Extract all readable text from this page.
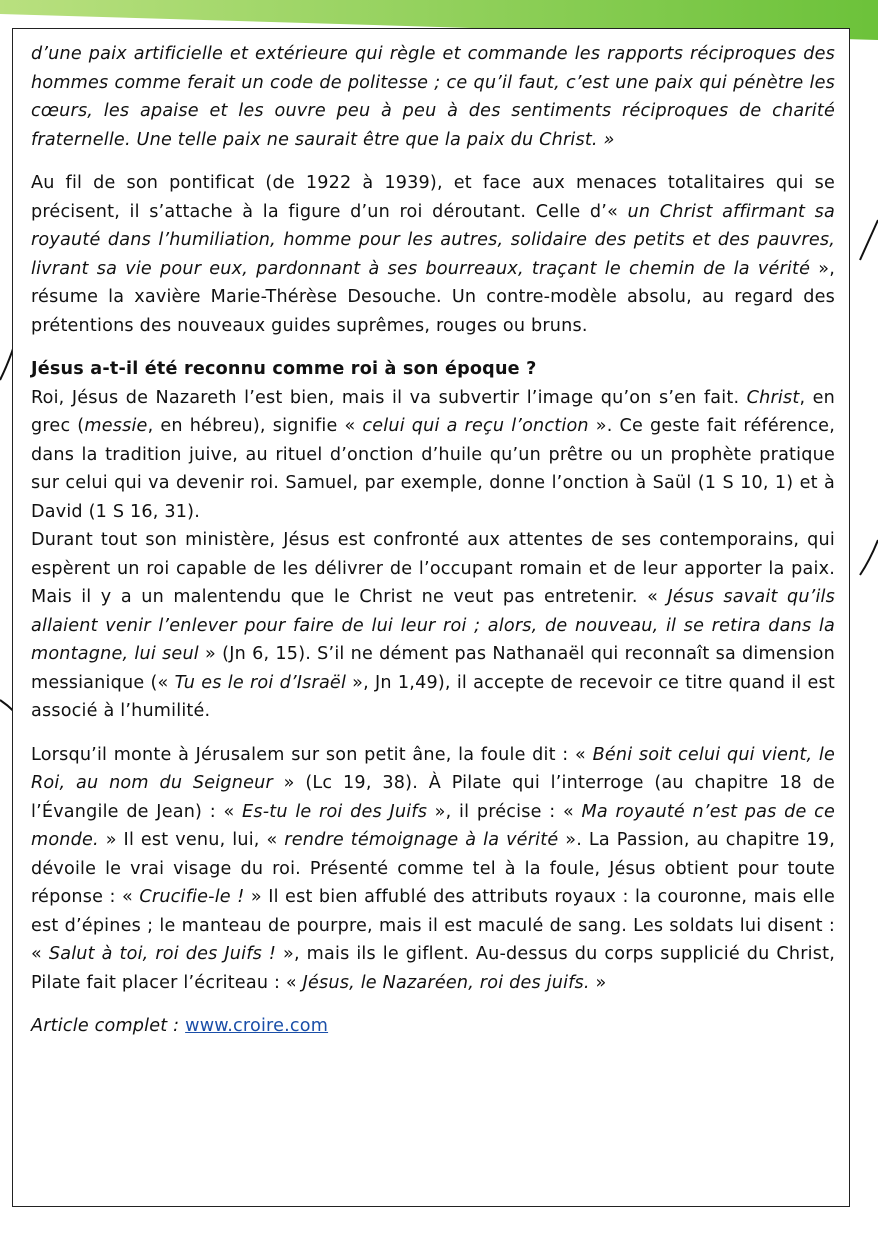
d’une paix artificielle et extérieure qui règle et commande les rapports réciproques des hommes comme ferait un code de politesse ; ce qu’il faut, c’est une paix qui pénètre les cœurs, les apaise et les ouvre peu à peu à des sentiments réciproques de charité fraternelle. Une telle paix ne saurait être que la paix du Christ. »

Au fil de son pontificat (de 1922 à 1939), et face aux menaces totalitaires qui se précisent, il s’attache à la figure d’un roi déroutant. Celle d’« un Christ affirmant sa royauté dans l’humiliation, homme pour les autres, solidaire des petits et des pauvres, livrant sa vie pour eux, pardonnant à ses bourreaux, traçant le chemin de la vérité », résume la xavière Marie-Thérèse Desouche. Un contre-modèle absolu, au regard des prétentions des nouveaux guides suprêmes, rouges ou bruns.

Jésus a-t-il été reconnu comme roi à son époque ?

Roi, Jésus de Nazareth l’est bien, mais il va subvertir l’image qu’on s’en fait. Christ, en grec (messie, en hébreu), signifie « celui qui a reçu l’onction ». Ce geste fait référence, dans la tradition juive, au rituel d’onction d’huile qu’un prêtre ou un prophète pratique sur celui qui va devenir roi. Samuel, par exemple, donne l’onction à Saül (1 S 10, 1) et à David (1 S 16, 31).

Durant tout son ministère, Jésus est confronté aux attentes de ses contemporains, qui espèrent un roi capable de les délivrer de l’occupant romain et de leur apporter la paix. Mais il y a un malentendu que le Christ ne veut pas entretenir. « Jésus savait qu’ils allaient venir l’enlever pour faire de lui leur roi ; alors, de nouveau, il se retira dans la montagne, lui seul » (Jn 6, 15). S’il ne dément pas Nathanaël qui reconnaît sa dimension messianique (« Tu es le roi d’Israël », Jn 1,49), il accepte de recevoir ce titre quand il est associé à l’humilité.

Lorsqu’il monte à Jérusalem sur son petit âne, la foule dit : « Béni soit celui qui vient, le Roi, au nom du Seigneur » (Lc 19, 38). À Pilate qui l’interroge (au chapitre 18 de l’Évangile de Jean) : « Es-tu le roi des Juifs », il précise : « Ma royauté n’est pas de ce monde. » Il est venu, lui, « rendre témoignage à la vérité ». La Passion, au chapitre 19, dévoile le vrai visage du roi. Présenté comme tel à la foule, Jésus obtient pour toute réponse : « Crucifie-le ! » Il est bien affublé des attributs royaux : la couronne, mais elle est d’épines ; le manteau de pourpre, mais il est maculé de sang. Les soldats lui disent : « Salut à toi, roi des Juifs ! », mais ils le giflent. Au-dessus du corps supplicié du Christ, Pilate fait placer l’écriteau : « Jésus, le Nazaréen, roi des juifs. »

Article complet : www.croire.com
